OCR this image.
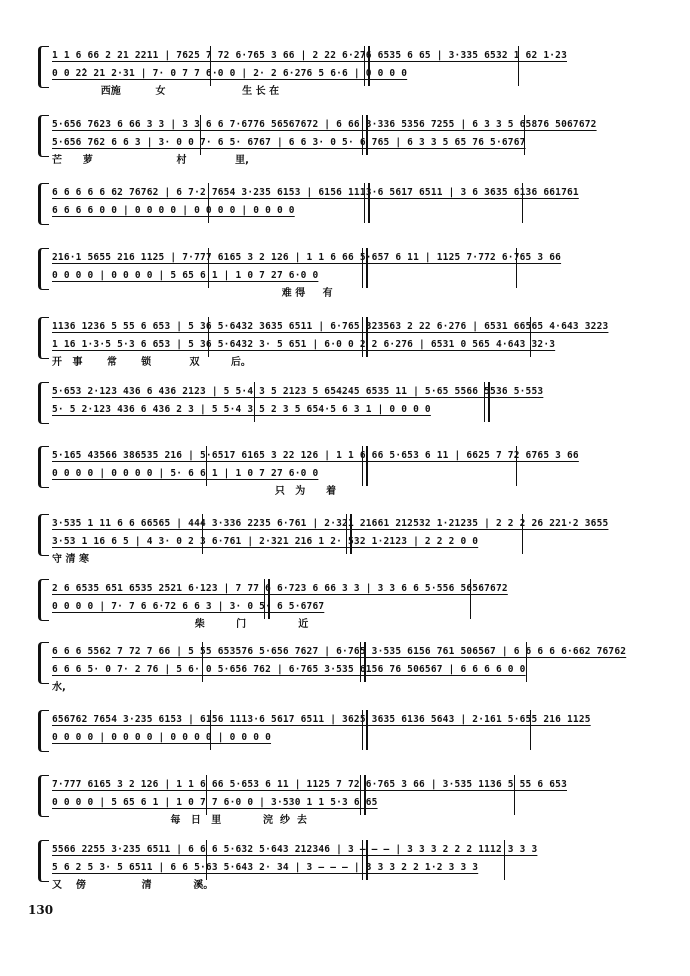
1 1 6 66 2 21 2211 | 7625 7 72 6·765 3 66 | 2 22 6·276 6535 6 65 | 3·335 6532 1 62 1·23
0 0 2̂2 21 2·31 | 7· 0 7 7 6·0 0 | 2· 2 6·276 5 6·6 | 0 0 0 0
西施          女                      生 长 在
5·656 7623 6 66 3 3 | 3 3 6 6 7·6776 56567672 | 6 66 3·336 5356 7255 | 6 3 3 5 65876 5067672
5·656 762 6 6 3 | 3· 0 0 7· 6 5· 6767 | 6 6 3· 0 5· 6 765 | 6 3 3 5 65 76 5·6767
芒      萝                        村              里,
6 6 6 6 6 62 76762 | 6 7·2 7654 3·235 6153 | 6156 1113·6 5617 6511 | 3 6 3635 6136 661761
6 6 6 6 0 0 | 0 0 0 0 | 0 0 0 0 | 0 0 0 0
216·1 5655 216 1125 | 7·777 6165 3 2 126 | 1 1 6 66 5·657 6 11 | 1125 7·772 6·765 3 66
0 0 0 0 | 0 0 0 0 | 5 65 6 1 | 1 0 7 27 6·0 0
难 得     有
1136 1236 5 55 6 653 | 5 36 5·6432 3635 6511 | 6·765 323563 2 22 6·276 | 6531 66565 4·643 3223
1 16 1·3·5 5·3 6 653 | 5 36 5·6432 3· 5 651 | 6·0 0 2 2 6·276 | 6531 0 565 4·643 32·3
开   事       常       锁           双         后。
5·653 2·123 436 6 436 2123 | 5 5·4 3 5 2123 5 654245 6535 11 | 5·65 5566 5536 5·553
5· 5 2·123 436 6 436 2 3 | 5 5·4 3 5 2 3 5 654·5 6 3 1 | 0 0 0 0
5·165 43566 386535 216 | 5·6517 6165 3 22 126 | 1 1 6 66 5·653 6 11 | 6625 7 72 6765 3 66
0 0 0 0 | 0 0 0 0 | 5· 6 6 1 | 1 0 7 27 6·0 0
只   为      着
3·535 1 11 6 6 66565 | 444 3·336 2235 6·761 | 2·321 21661 212532 1·21235 | 2 2 2 26 221·2 3655
3·53 1 16 6 5 | 4 3· 0 2 3 6·761 | 2·321 216 1 2· 532 1·2123 | 2 2 2 0 0
守 清 寒
2 6 6535 651 6535 2521 6·123 | 7 77 6 6·723 6 66 3 3 | 3 3 6 6 5·556 56567672
0 0 0 0 | 7· 7 6 6·72 6 6 3 | 3· 0 5· 6 5·6767
柴         门               近
6 6 6 5562 7 72 7 66 | 5 55 653576 5·656 7627 | 6·765 3·535 6156 761 506567 | 6 6 6 6 6·662 76762
6 6 6 5· 0 7· 2 76 | 5 6· 0 5·656 762 | 6·765 3·535 6156 76 506567 | 6 6 6 6 0 0
水,
656762 7654 3·235 6153 | 6156 1113·6 5617 6511 | 3625 3635 6136 5643 | 2·161 5·655 216 1125
0 0 0 0 | 0 0 0 0 | 0 0 0 0 | 0 0 0 0
7·777 6165 3 2 126 | 1 1 6 66 5·653 6 11 | 1125 7 72 6·765 3 66 | 3·535 1136 5 55 6 653
0 0 0 0 | 5 65 6 1 | 1 0 7 7 6·0 0 | 3·530 1 1 5·3 6 65
每   日   里            浣  纱  去
5566 2255 3·235 6511 | 6 6 6 5·632 5·643 212346 | 3 — — — | 3 3 3 2 2 2 1112 3 3 3
5 6 2 5 3· 5 6511 | 6 6 5·63 5·643 2· 34 | 3 — — — | 3 3 3 2 2 1·2 3 3 3
又    傍                清            溪。
130
